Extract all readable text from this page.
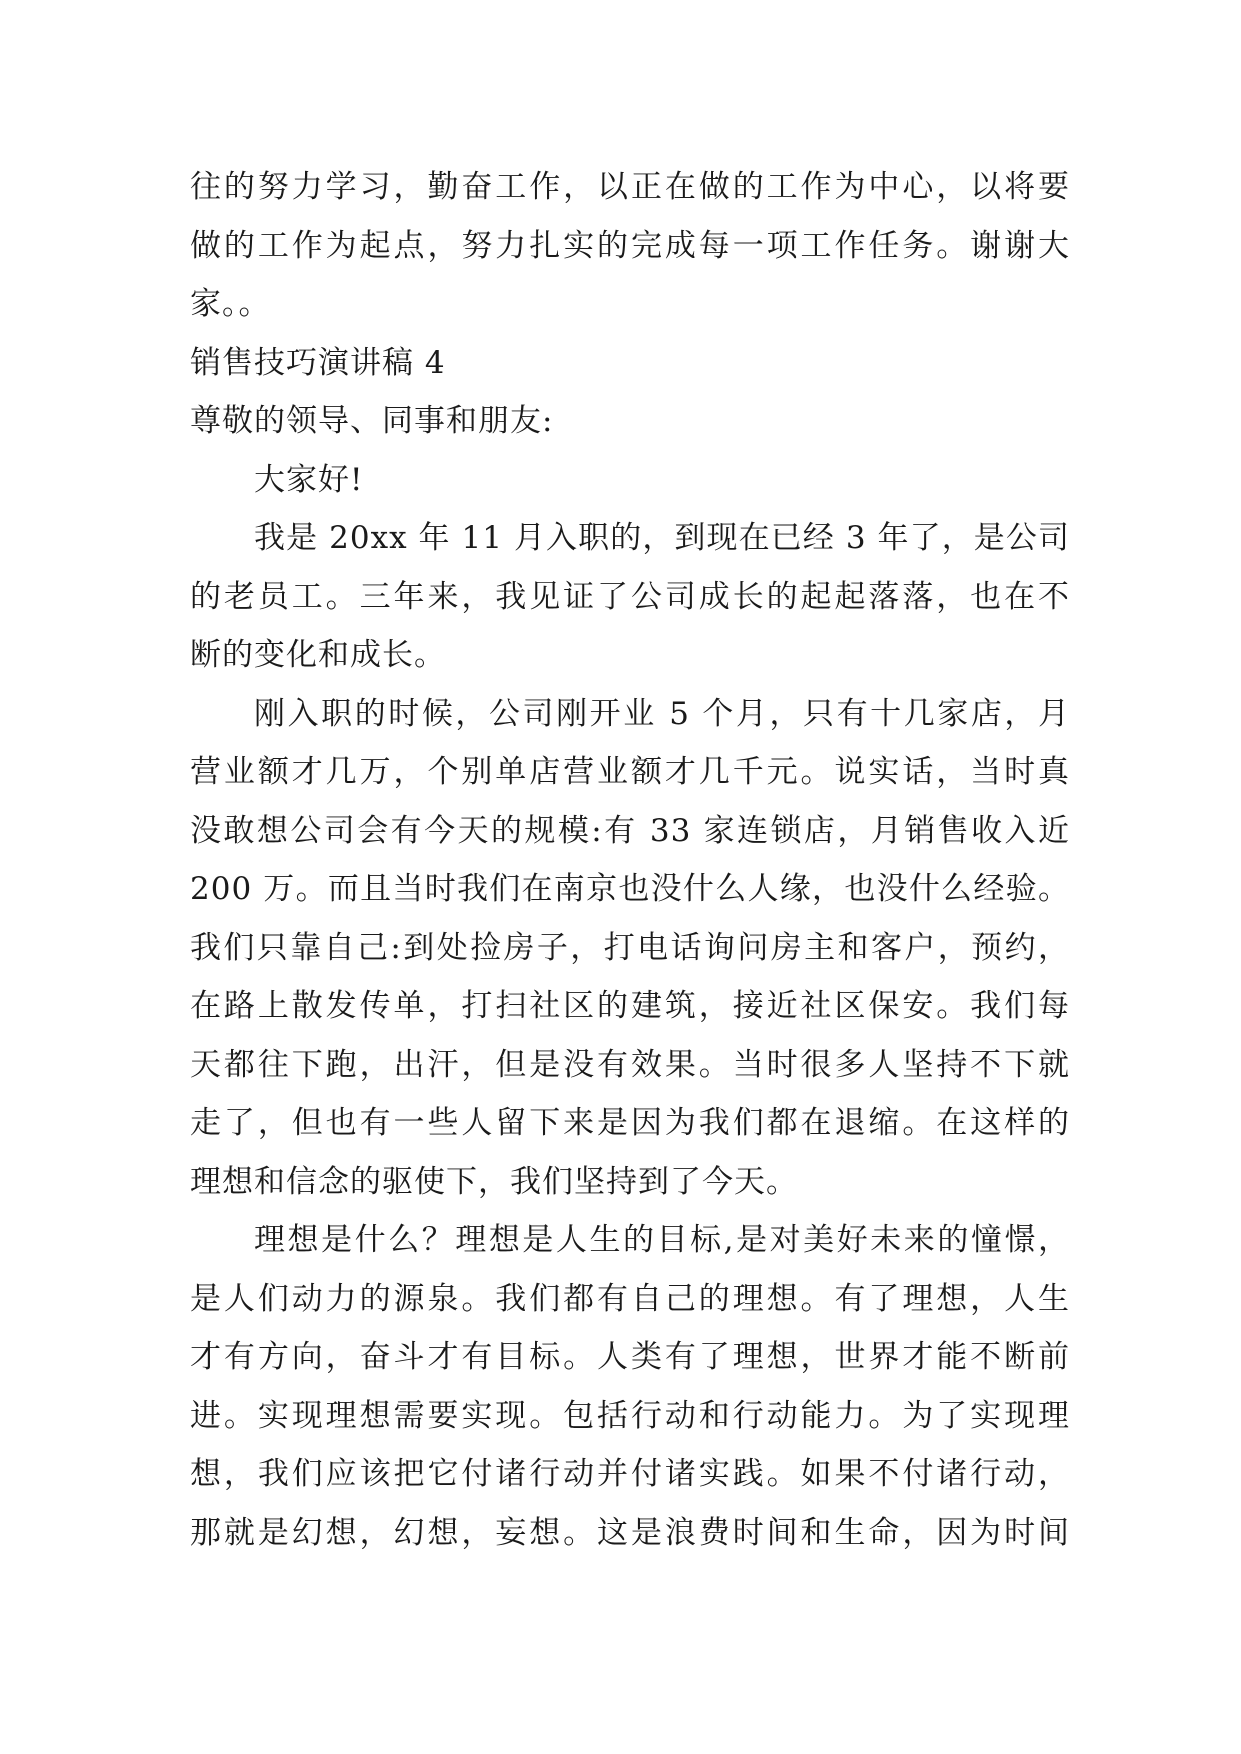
往的努力学习，勤奋工作，以正在做的工作为中心，以将要
做的工作为起点，努力扎实的完成每一项工作任务。谢谢大
家。。
销售技巧演讲稿 4
尊敬的领导、同事和朋友:
大家好!
我是 20xx 年 11 月入职的，到现在已经 3 年了，是公司
的老员工。三年来，我见证了公司成长的起起落落，也在不
断的变化和成长。
刚入职的时候，公司刚开业 5 个月，只有十几家店，月
营业额才几万，个别单店营业额才几千元。说实话，当时真
没敢想公司会有今天的规模:有 33 家连锁店，月销售收入近
200 万。而且当时我们在南京也没什么人缘，也没什么经验。
我们只靠自己:到处捡房子，打电话询问房主和客户，预约，
在路上散发传单，打扫社区的建筑，接近社区保安。我们每
天都往下跑，出汗，但是没有效果。当时很多人坚持不下就
走了，但也有一些人留下来是因为我们都在退缩。在这样的
理想和信念的驱使下，我们坚持到了今天。
理想是什么？理想是人生的目标,是对美好未来的憧憬，
是人们动力的源泉。我们都有自己的理想。有了理想，人生
才有方向，奋斗才有目标。人类有了理想，世界才能不断前
进。实现理想需要实现。包括行动和行动能力。为了实现理
想，我们应该把它付诸行动并付诸实践。如果不付诸行动，
那就是幻想，幻想，妄想。这是浪费时间和生命，因为时间
